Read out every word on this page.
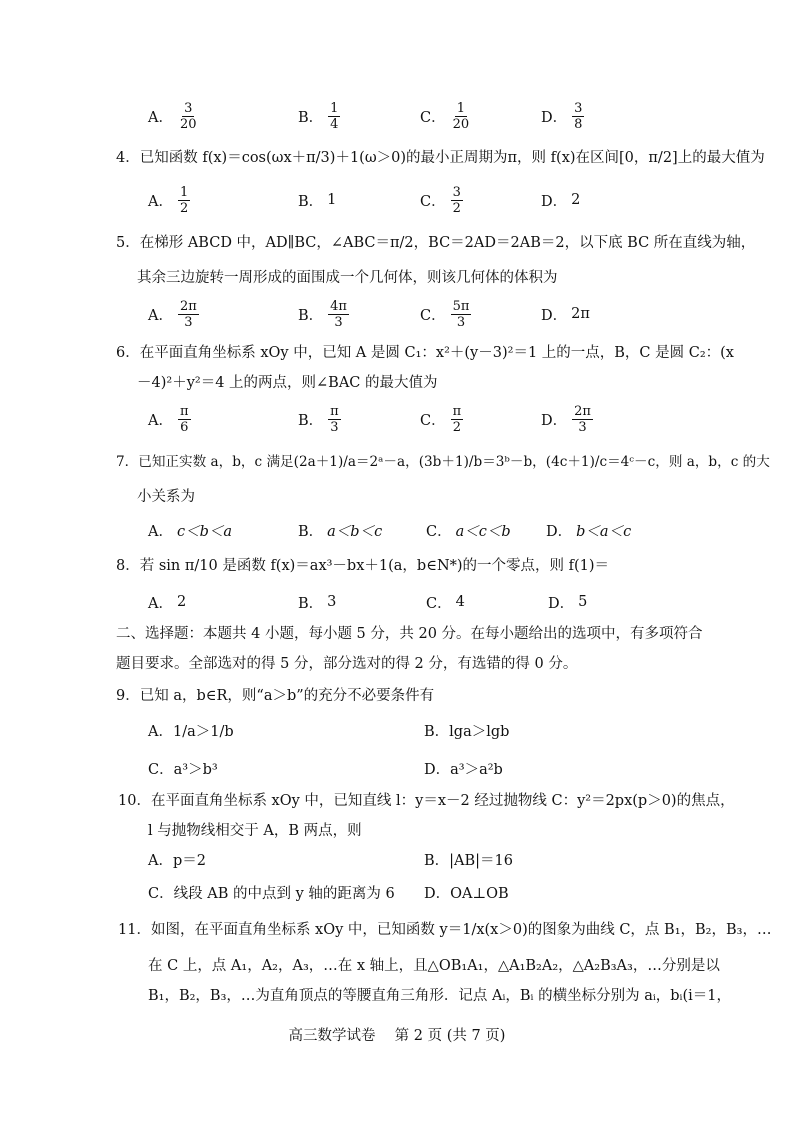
A． $\frac{3}{20}$	B． $\frac{1}{4}$	C． $\frac{1}{20}$	D． $\frac{3}{8}$
4．已知函数 f(x)＝cos(ωx＋π/3)＋1(ω＞0)的最小正周期为π，则 f(x)在区间[0，π/2]上的最大值为
A． $\frac{1}{2}$	B． 1	C． $\frac{3}{2}$	D． 2
5．在梯形 ABCD 中，AD∥BC，∠ABC＝π/2，BC＝2AD＝2AB＝2，以下底 BC 所在直线为轴，
其余三边旋转一周形成的面围成一个几何体，则该几何体的体积为
A． $\frac{2\pi}{3}$	B． $\frac{4\pi}{3}$	C． $\frac{5\pi}{3}$	D． 2π
6．在平面直角坐标系 xOy 中，已知 A 是圆 C₁：x²＋(y－3)²＝1 上的一点，B，C 是圆 C₂：(x
－4)²＋y²＝4 上的两点，则∠BAC 的最大值为
A． $\frac{\pi}{6}$	B． $\frac{\pi}{3}$	C． $\frac{\pi}{2}$	D． $\frac{2\pi}{3}$
7．已知正实数 a，b，c 满足(2a＋1)/a＝2ᵃ－a，(3b＋1)/b＝3ᵇ－b，(4c＋1)/c＝4ᶜ－c，则 a，b，c 的大
小关系为
A． c＜b＜a	B． a＜b＜c	C． a＜c＜b D． b＜a＜c
8．若 sin π/10 是函数 f(x)＝ax³－bx＋1(a，b∈N*)的一个零点，则 f(1)＝
A． 2	B． 3	C． 4	D． 5
二、选择题：本题共 4 小题，每小题 5 分，共 20 分。在每小题给出的选项中，有多项符合
题目要求。全部选对的得 5 分，部分选对的得 2 分，有选错的得 0 分。
9．已知 a，b∈R，则“a＞b”的充分不必要条件有
A．1/a＞1/b	B．lga＞lgb
C．a³＞b³	D．a³＞a²b
10．在平面直角坐标系 xOy 中，已知直线 l：y＝x－2 经过抛物线 C：y²＝2px(p＞0)的焦点，
l 与抛物线相交于 A，B 两点，则
A．p＝2	B．|AB|＝16
C．线段 AB 的中点到 y 轴的距离为 6	D．OA⊥OB
11．如图，在平面直角坐标系 xOy 中，已知函数 y＝1/x(x＞0)的图象为曲线 C，点 B₁，B₂，B₃，…
在 C 上，点 A₁，A₂，A₃，…在 x 轴上，且△OB₁A₁，△A₁B₂A₂，△A₂B₃A₃，…分别是以
B₁，B₂，B₃，…为直角顶点的等腰直角三角形．记点 Aᵢ，Bᵢ 的横坐标分别为 aᵢ，bᵢ(i＝1，
高三数学试卷　 第 2 页 (共 7 页)
